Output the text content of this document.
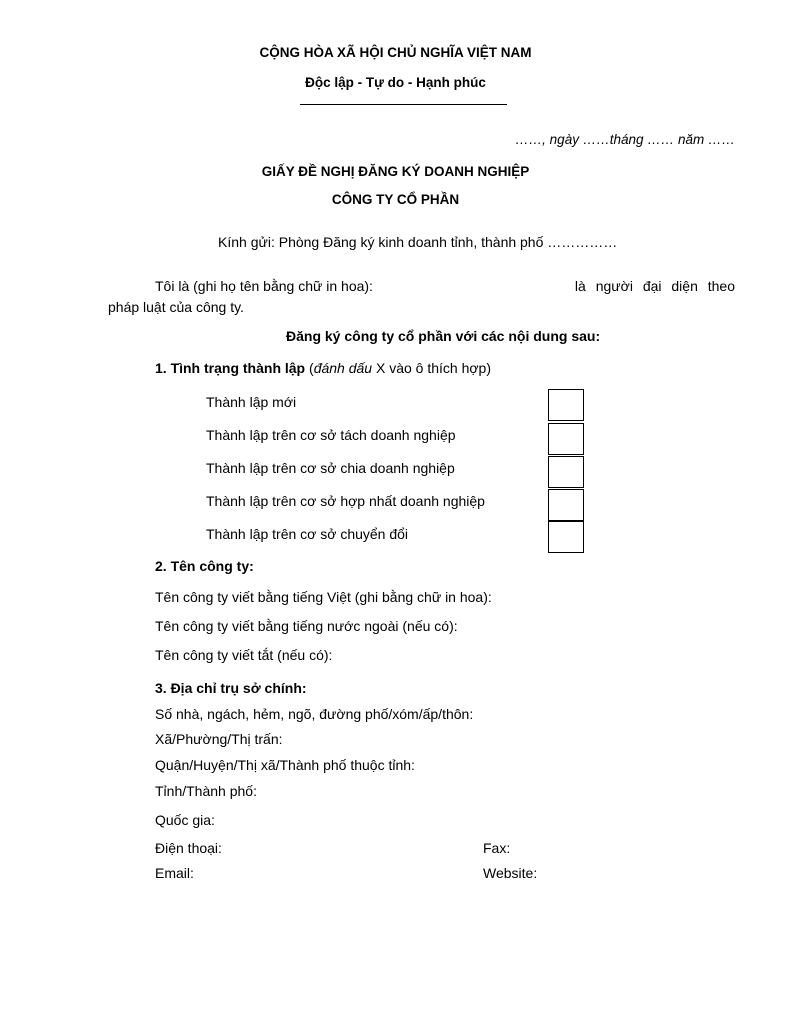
CỘNG HÒA XÃ HỘI CHỦ NGHĨA VIỆT NAM
Độc lập - Tự do - Hạnh phúc
……, ngày ……tháng …… năm ……
GIẤY ĐỀ NGHỊ ĐĂNG KÝ DOANH NGHIỆP
CÔNG TY CỔ PHẦN
Kính gửi: Phòng Đăng ký kinh doanh tỉnh, thành phố ……………
Tôi là (ghi họ tên bằng chữ in hoa):	là người đại diện theo
pháp luật của công ty.
Đăng ký công ty cổ phần với các nội dung sau:
1. Tình trạng thành lập (đánh dấu X vào ô thích hợp)
Thành lập mới
Thành lập trên cơ sở tách doanh nghiệp
Thành lập trên cơ sở chia doanh nghiệp
Thành lập trên cơ sở hợp nhất doanh nghiệp
Thành lập trên cơ sở chuyển đổi
2. Tên công ty:
Tên công ty viết bằng tiếng Việt (ghi bằng chữ in hoa):
Tên công ty viết bằng tiếng nước ngoài (nếu có):
Tên công ty viết tắt (nếu có):
3. Địa chỉ trụ sở chính:
Số nhà, ngách, hẻm, ngõ, đường phố/xóm/ấp/thôn:
Xã/Phường/Thị trấn:
Quận/Huyện/Thị xã/Thành phố thuộc tỉnh:
Tỉnh/Thành phố:
Quốc gia:
Điện thoại:	Fax:
Email:	Website:
